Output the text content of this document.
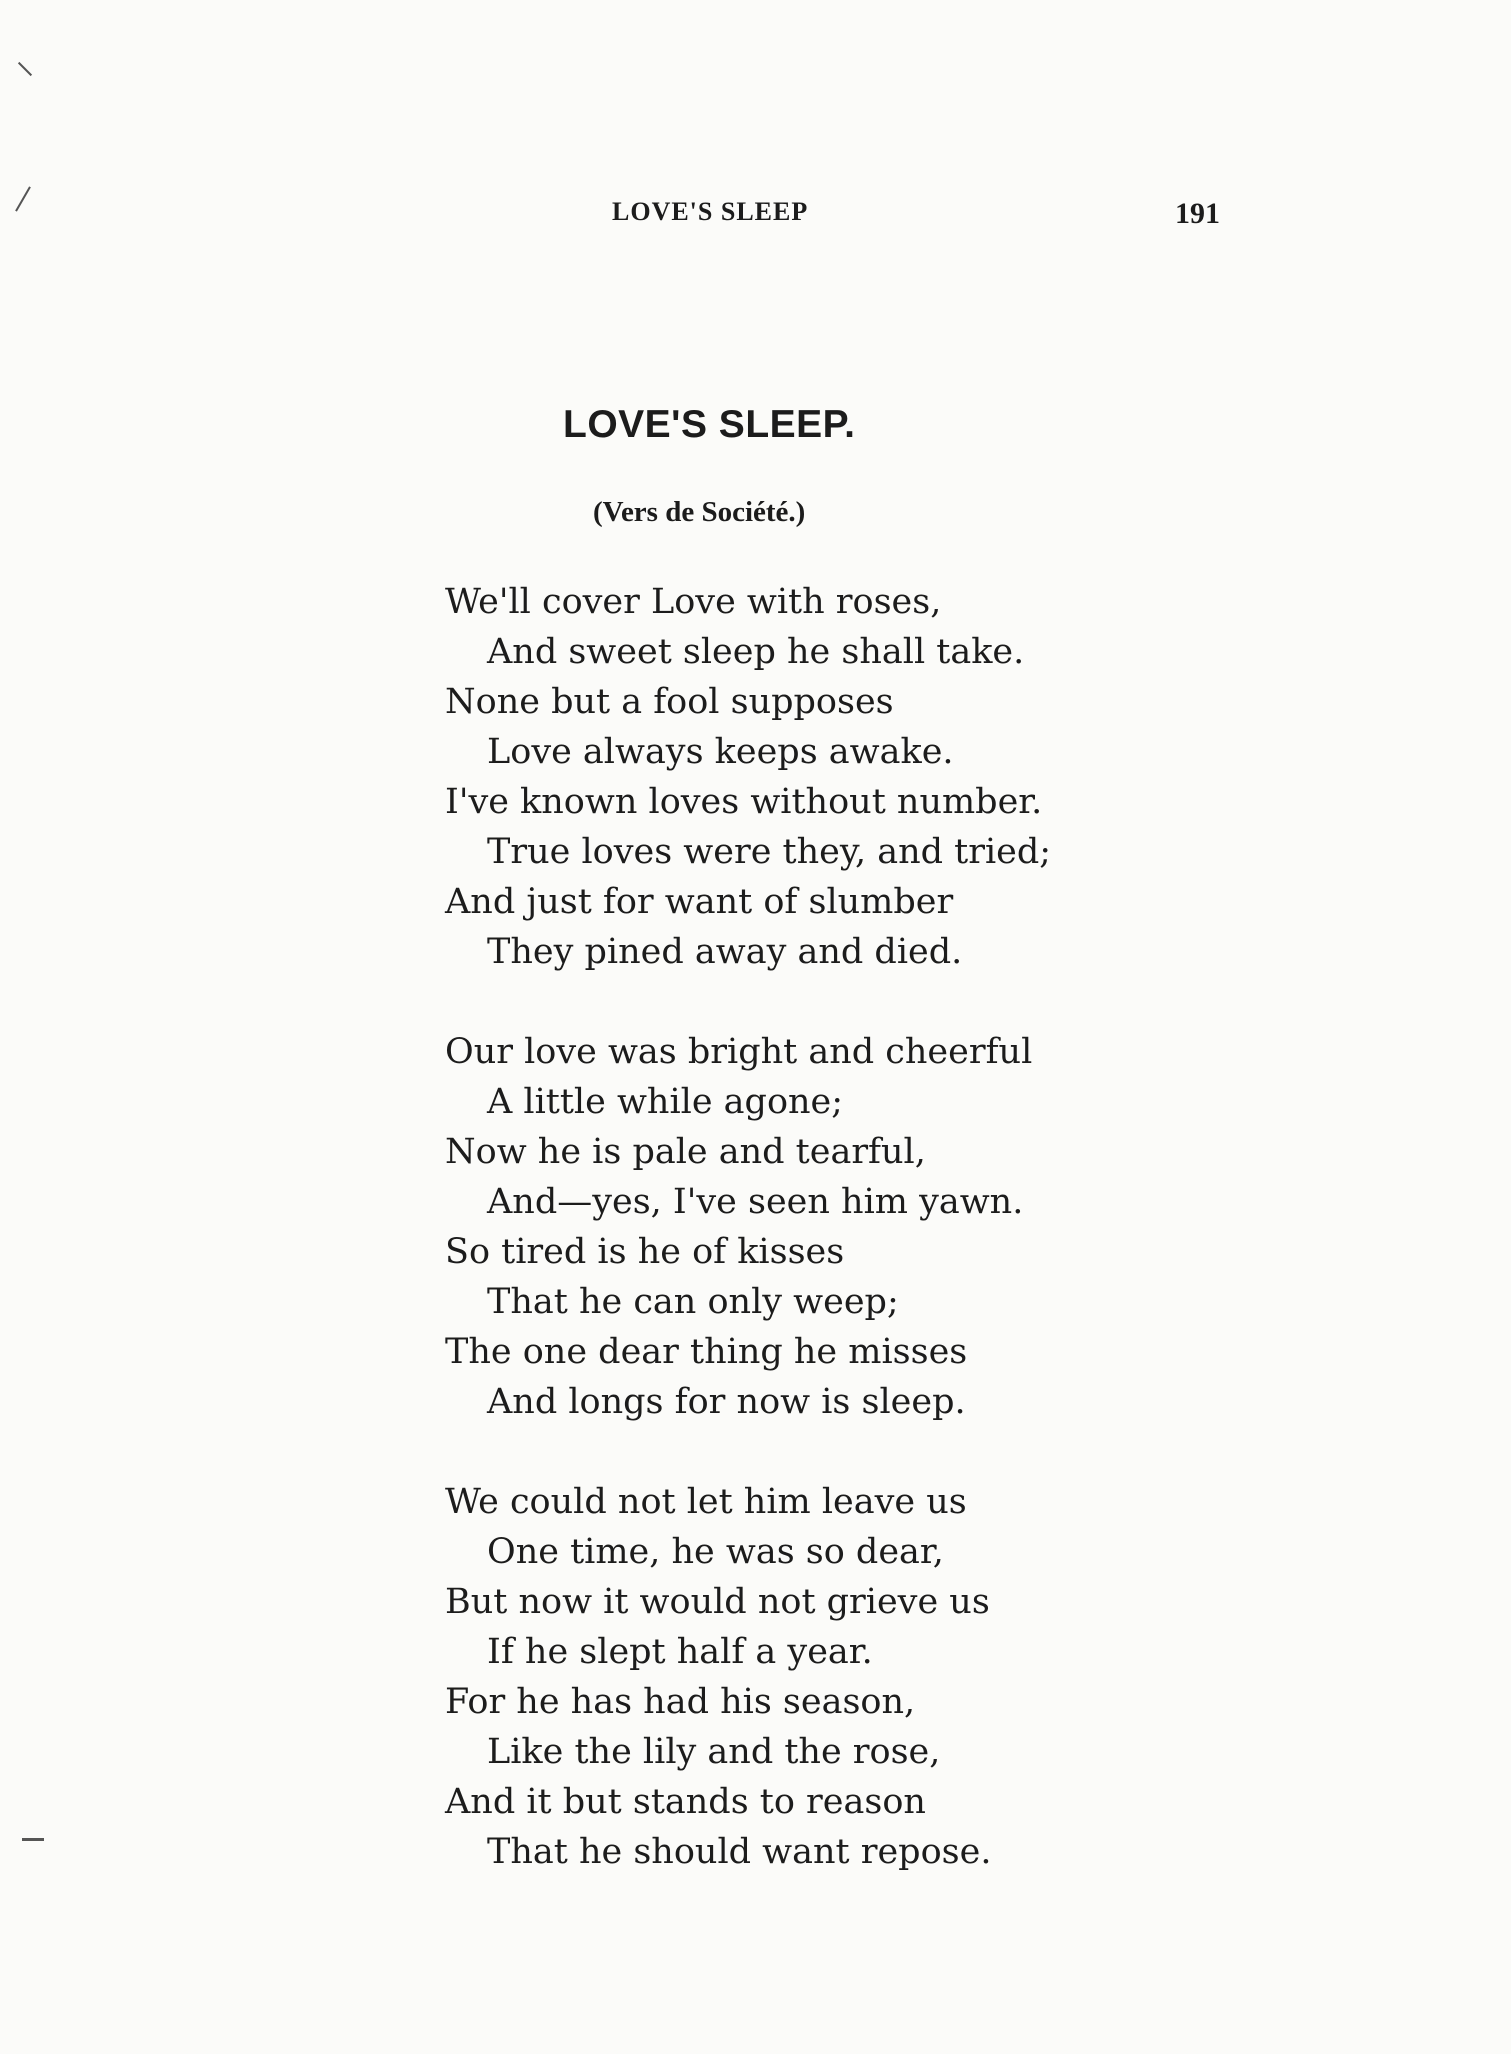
LOVE'S SLEEP	191
LOVE'S SLEEP.
(Vers de Société.)
We'll cover Love with roses,
And sweet sleep he shall take.
None but a fool supposes
Love always keeps awake.
I've known loves without number.
True loves were they, and tried;
And just for want of slumber
They pined away and died.
Our love was bright and cheerful
A little while agone;
Now he is pale and tearful,
And—yes, I've seen him yawn.
So tired is he of kisses
That he can only weep;
The one dear thing he misses
And longs for now is sleep.
We could not let him leave us
One time, he was so dear,
But now it would not grieve us
If he slept half a year.
For he has had his season,
Like the lily and the rose,
And it but stands to reason
That he should want repose.
